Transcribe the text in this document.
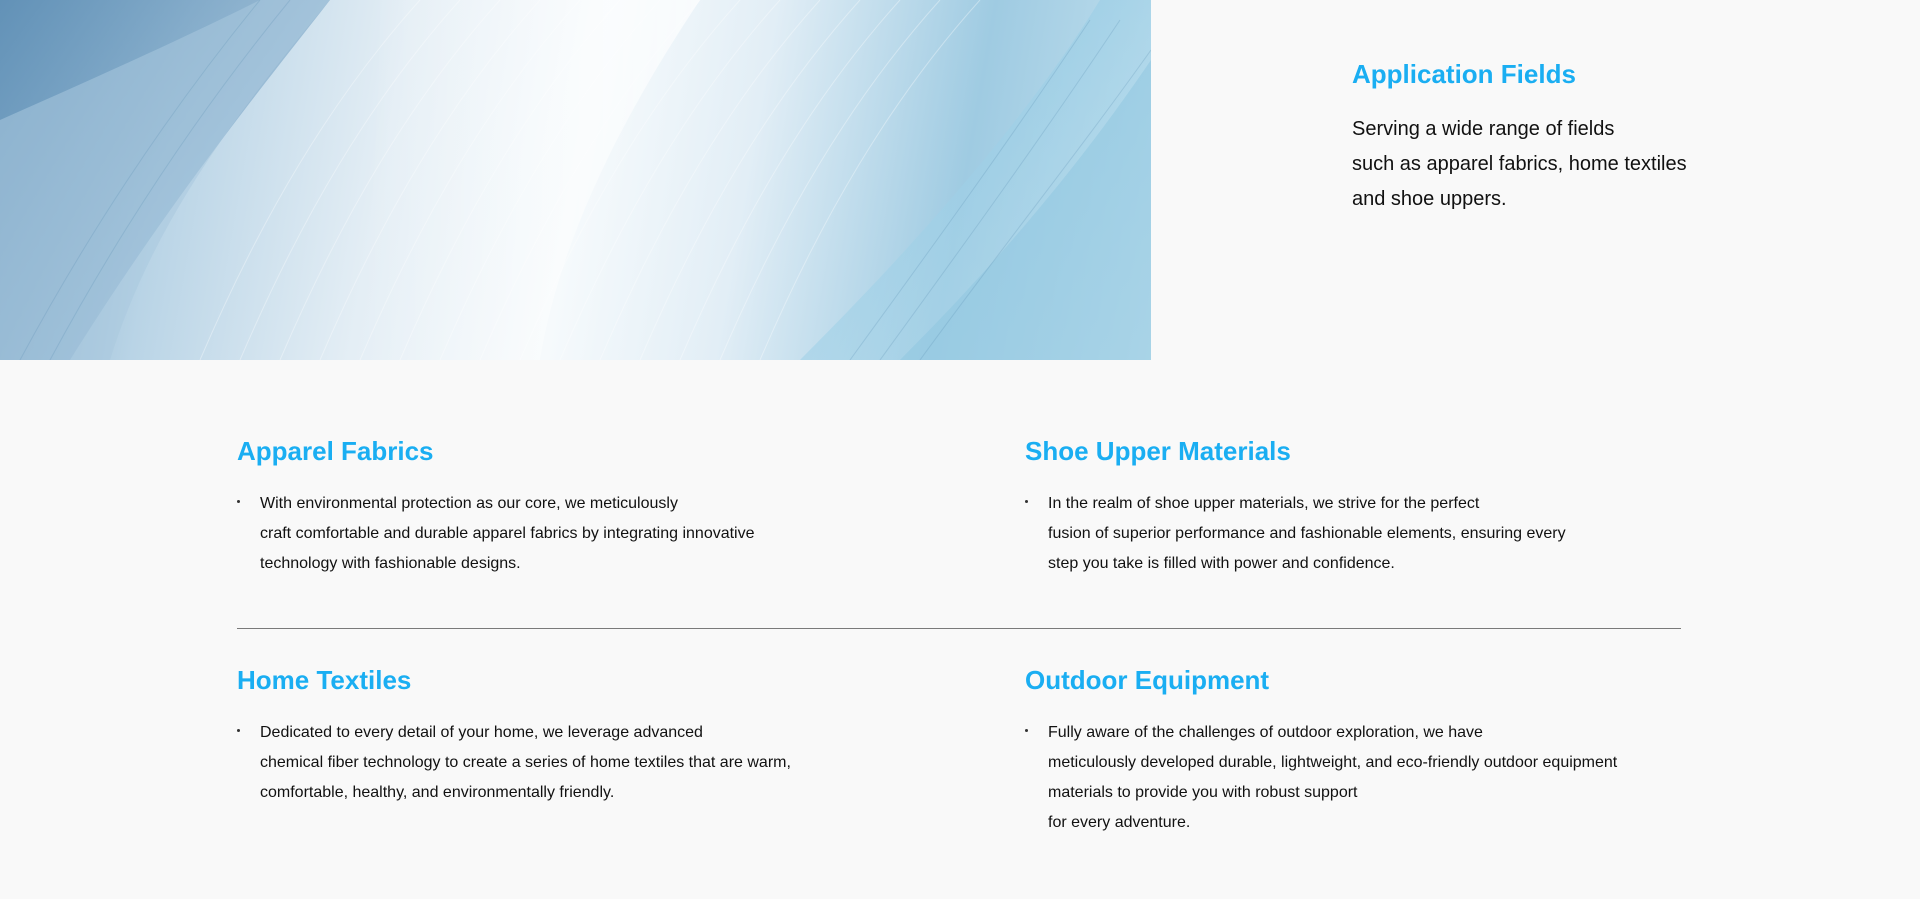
Application Fields
Serving a wide range of fields
such as apparel fabrics, home textiles
and shoe uppers.
Apparel Fabrics
With environmental protection as our core, we meticulously
craft comfortable and durable apparel fabrics by integrating innovative
technology with fashionable designs.
Shoe Upper Materials
In the realm of shoe upper materials, we strive for the perfect
fusion of superior performance and fashionable elements, ensuring every
step you take is filled with power and confidence.
Home Textiles
Dedicated to every detail of your home, we leverage advanced
chemical fiber technology to create a series of home textiles that are warm,
comfortable, healthy, and environmentally friendly.
Outdoor Equipment
Fully aware of the challenges of outdoor exploration, we have
meticulously developed durable, lightweight, and eco-friendly outdoor equipment
materials to provide you with robust support
for every adventure.
